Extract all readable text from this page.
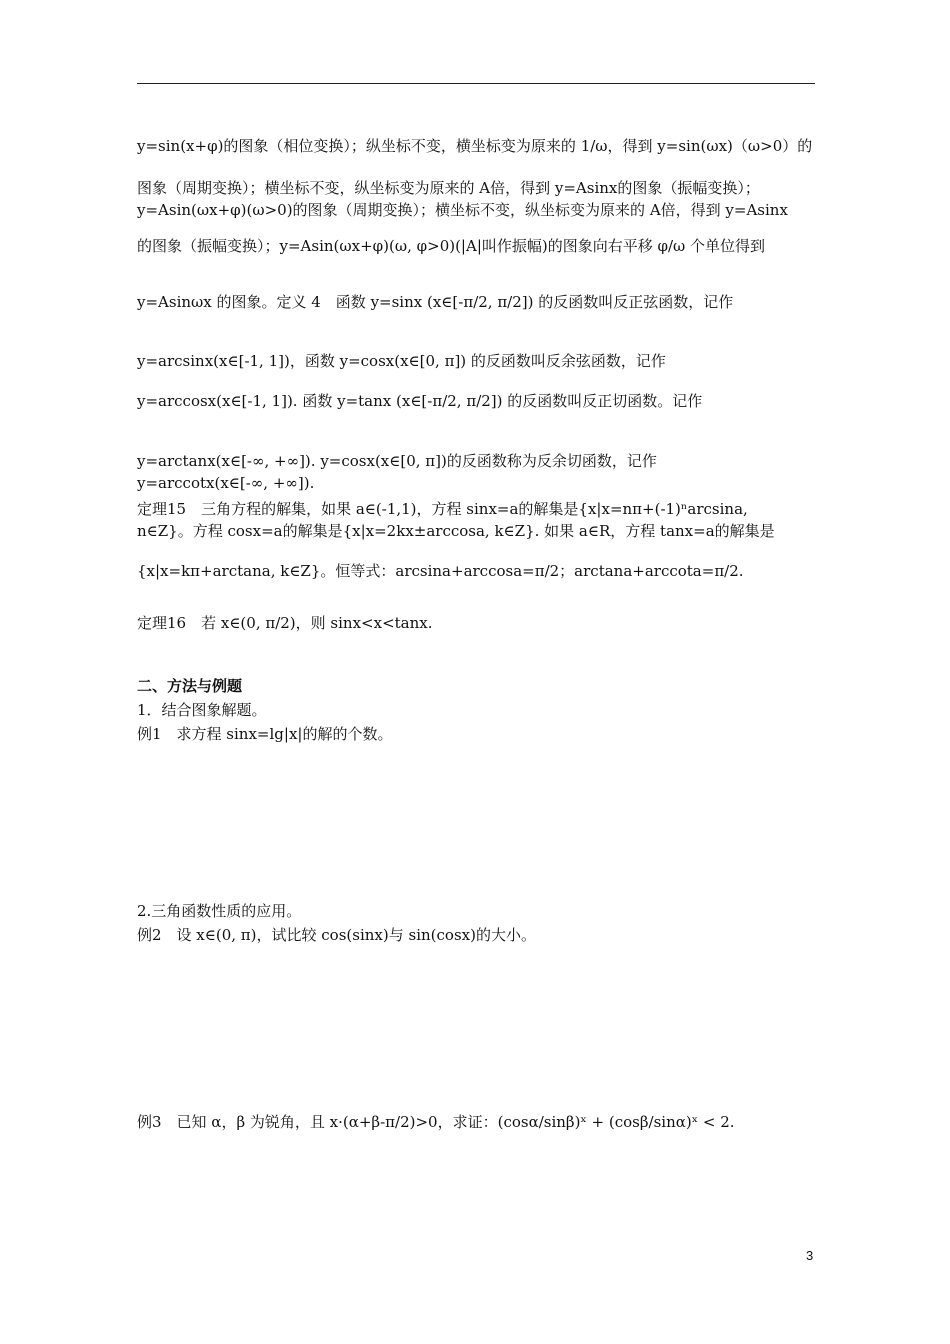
y=sin(x+φ)的图象（相位变换）；纵坐标不变，横坐标变为原来的 1/ω，得到 y=sin(ωx)（ω>0）的
图象（周期变换）；横坐标不变，纵坐标变为原来的 A倍，得到 y=Asinx的图象（振幅变换）；
y=Asin(ωx+φ)(ω>0)的图象（周期变换）；横坐标不变，纵坐标变为原来的 A倍，得到 y=Asinx
的图象（振幅变换）；y=Asin(ωx+φ)(ω, φ>0)(|A|叫作振幅)的图象向右平移 φ/ω 个单位得到
y=Asinωx 的图象。定义 4　函数 y=sinx (x∈[-π/2, π/2]) 的反函数叫反正弦函数，记作
y=arcsinx(x∈[-1, 1])，函数 y=cosx(x∈[0, π]) 的反函数叫反余弦函数，记作
y=arccosx(x∈[-1, 1]). 函数 y=tanx (x∈[-π/2, π/2]) 的反函数叫反正切函数。记作
y=arctanx(x∈[-∞, +∞]). y=cosx(x∈[0, π])的反函数称为反余切函数，记作
y=arccotx(x∈[-∞, +∞]).
定理15　三角方程的解集，如果 a∈(-1,1)，方程 sinx=a的解集是{x|x=nπ+(-1)ⁿarcsina,
n∈Z}。方程 cosx=a的解集是{x|x=2kx±arccosa, k∈Z}. 如果 a∈R，方程 tanx=a的解集是
{x|x=kπ+arctana, k∈Z}。恒等式：arcsina+arccosa=π/2；arctana+arccota=π/2.
定理16　若 x∈(0, π/2)，则 sinx<x<tanx.
二、方法与例题
1．结合图象解题。
例1　求方程 sinx=lg|x|的解的个数。
2.三角函数性质的应用。
例2　设 x∈(0, π)，试比较 cos(sinx)与 sin(cosx)的大小。
例3　已知 α，β 为锐角，且 x·(α+β-π/2)>0，求证：(cosα/sinβ)ˣ + (cosβ/sinα)ˣ < 2.
3
